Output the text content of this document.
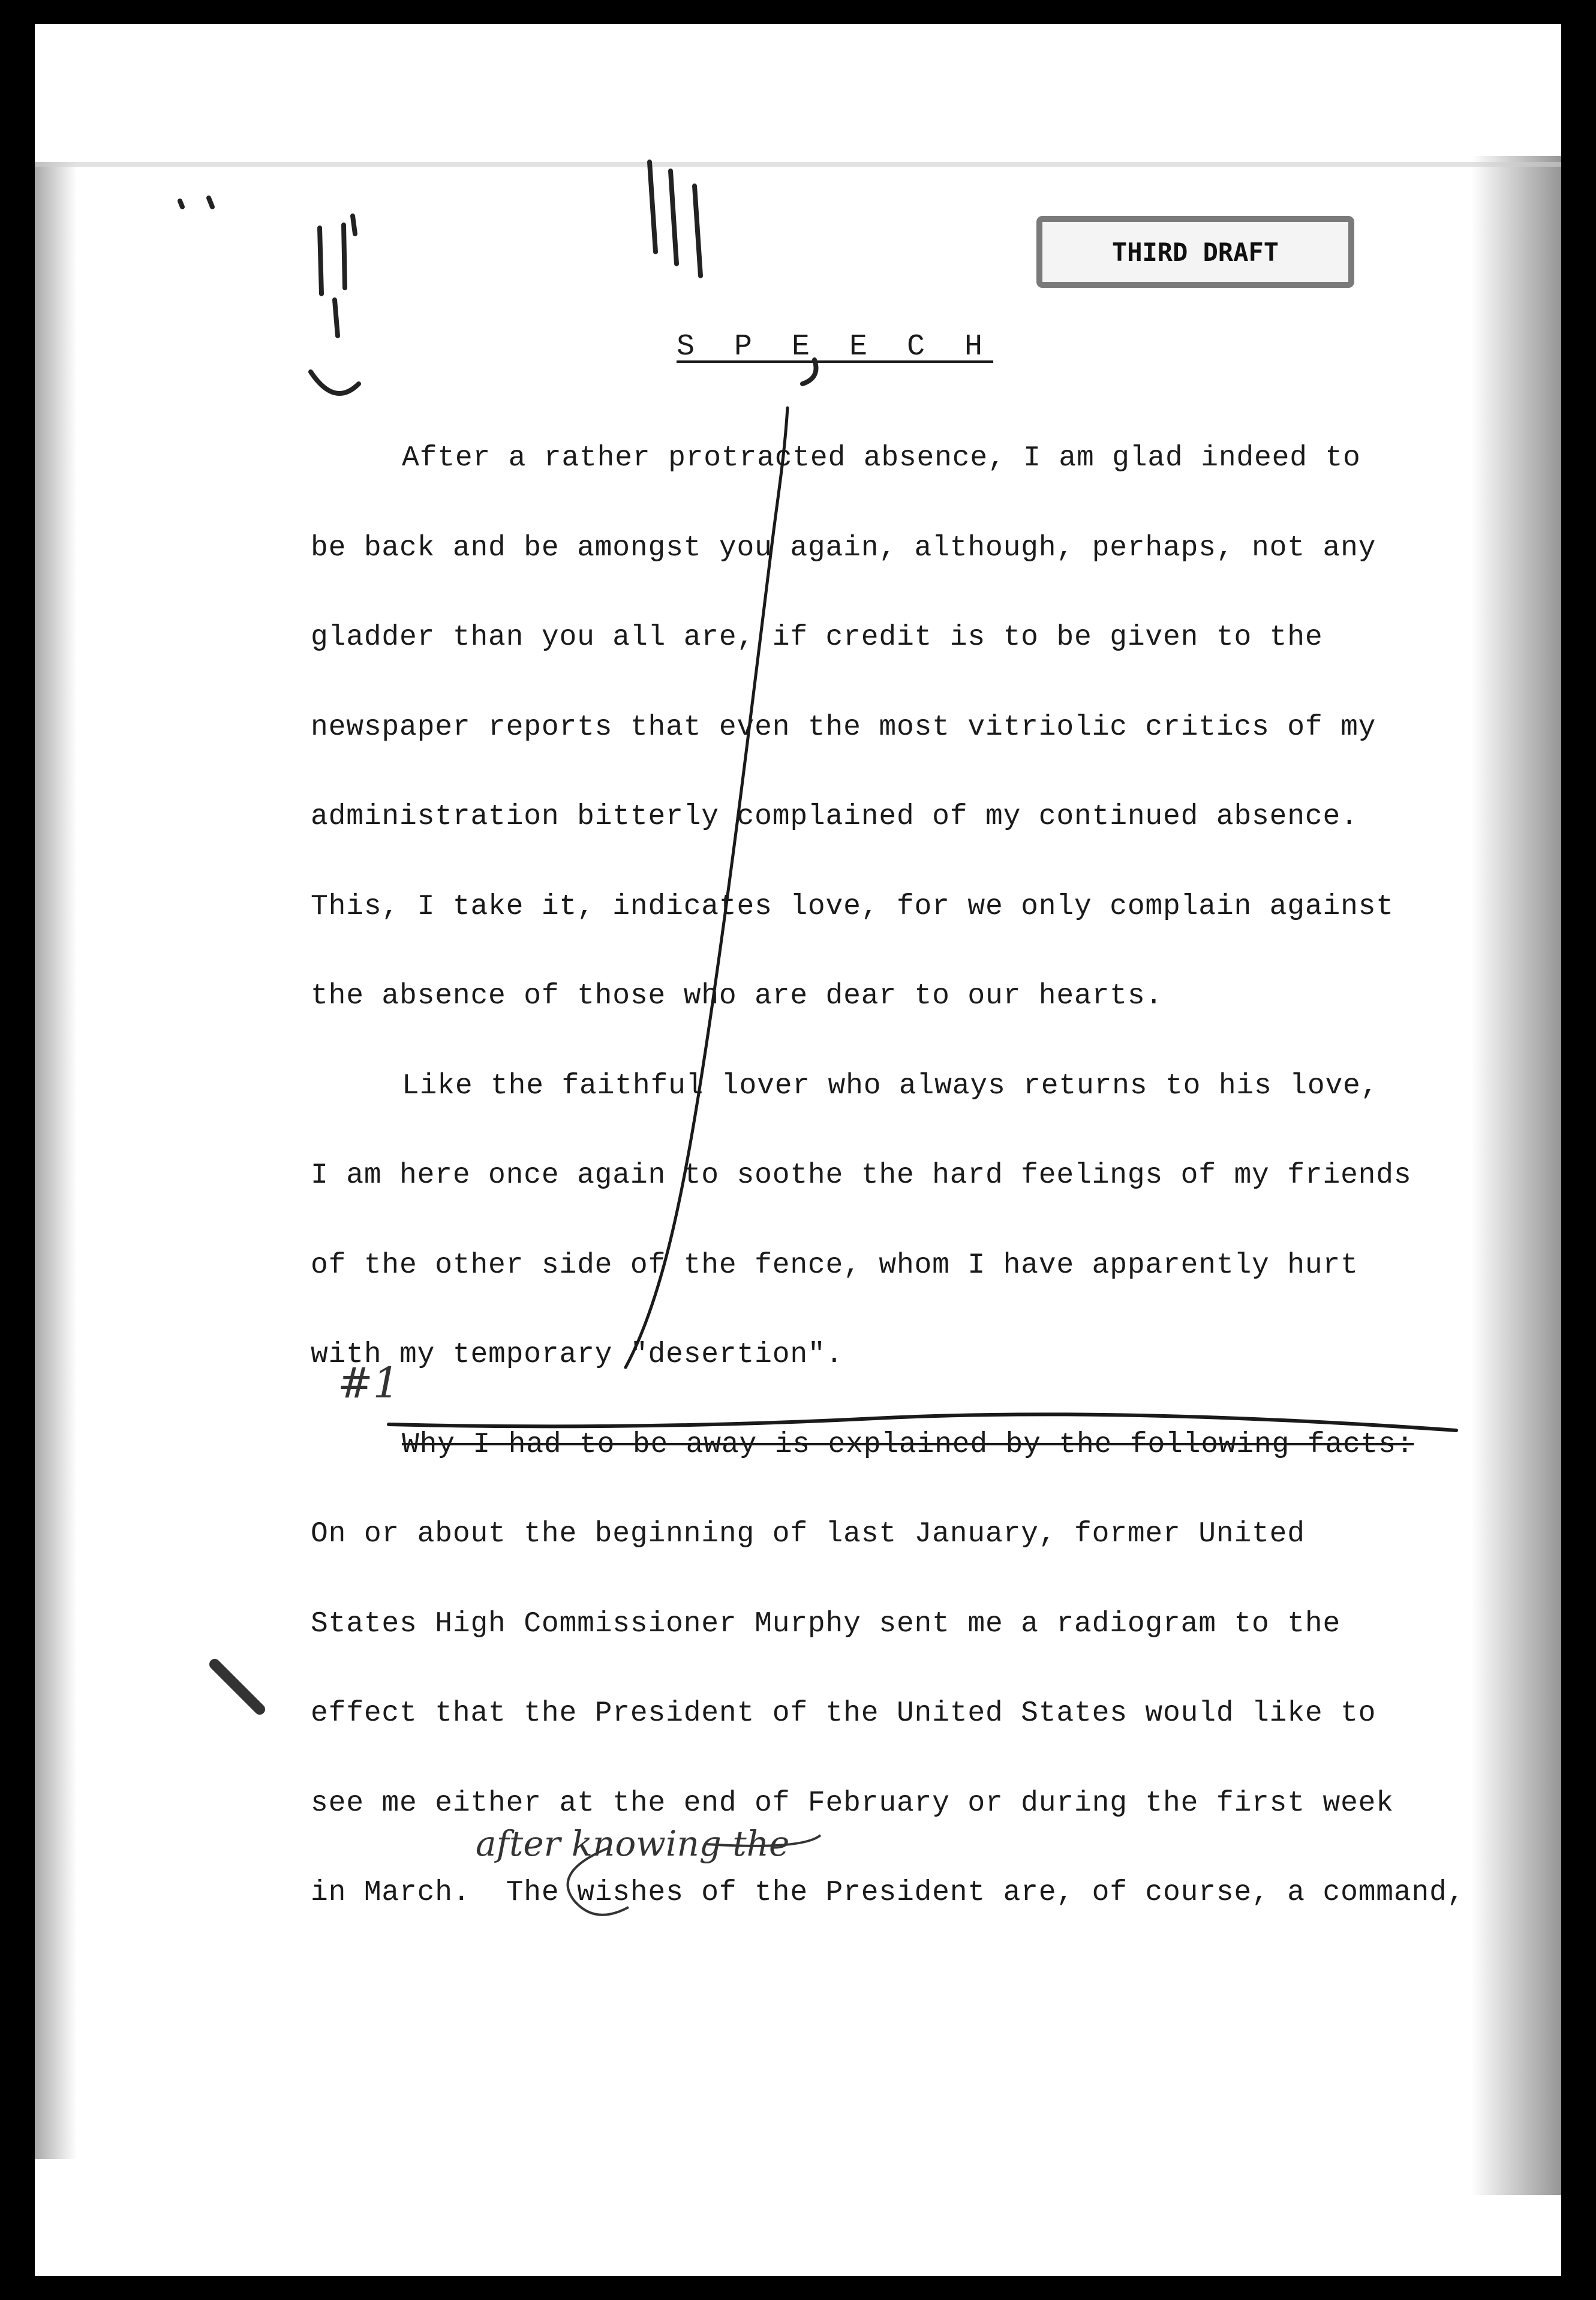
THIRD DRAFT
S P E E C H
After a rather protracted absence, I am glad indeed to
be back and be amongst you again, although, perhaps, not any
gladder than you all are, if credit is to be given to the
newspaper reports that even the most vitriolic critics of my
administration bitterly complained of my continued absence.
This, I take it, indicates love, for we only complain against
the absence of those who are dear to our hearts.
Like the faithful lover who always returns to his love,
I am here once again to soothe the hard feelings of my friends
of the other side of the fence, whom I have apparently hurt
with my temporary "desertion".
Why I had to be away is explained by the following facts:
On or about the beginning of last January, former United
States High Commissioner Murphy sent me a radiogram to the
effect that the President of the United States would like to
see me either at the end of February or during the first week
in March.  The wishes of the President are, of course, a command,
#1
after knowing the
